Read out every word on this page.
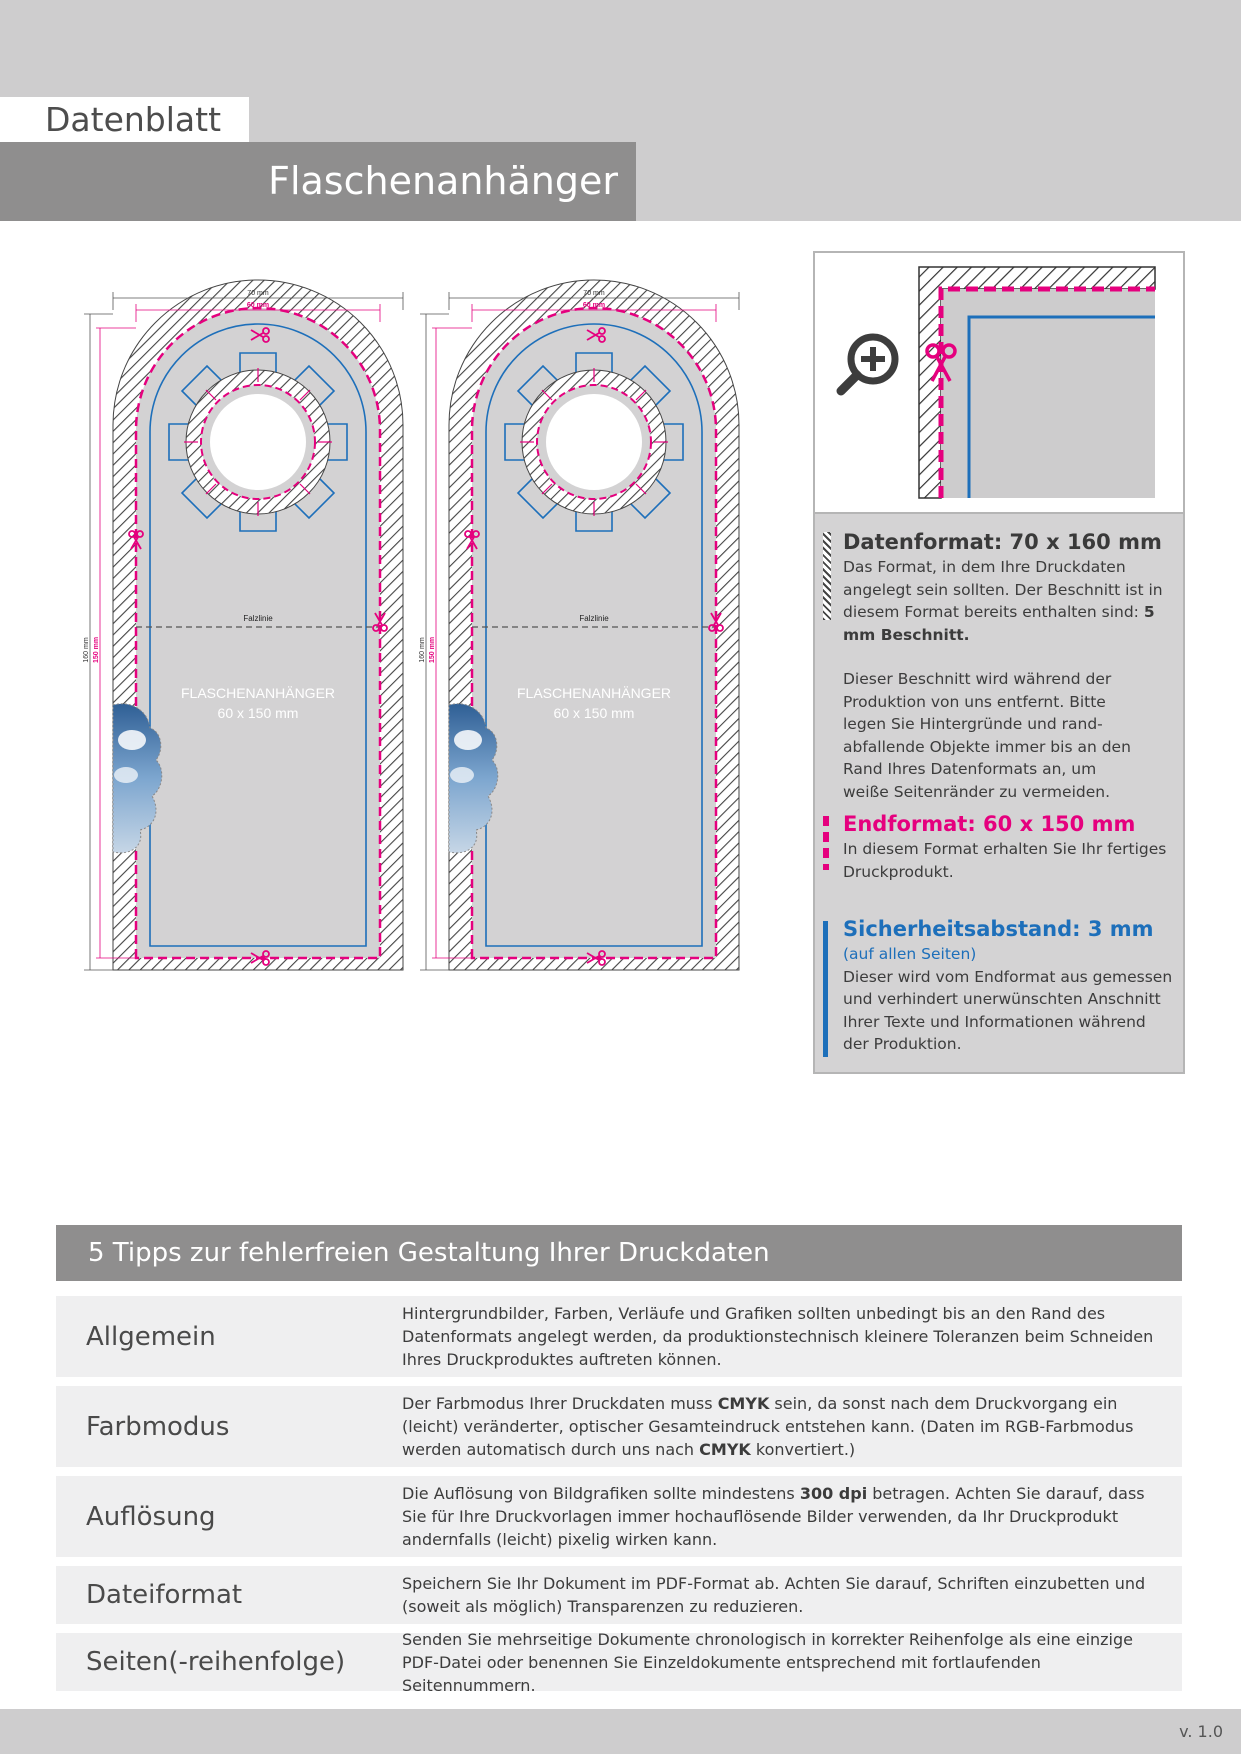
Datenblatt
Flaschenanhänger
70 mm
60 mm
160 mm 150 mm
Falzlinie
FLASCHENANHÄNGER
60 x 150 mm
70 mm
60 mm
160 mm 150 mm
Falzlinie
FLASCHENANHÄNGER
60 x 150 mm
Datenformat: 70 x 160 mm
Das Format, in dem Ihre Druckdaten angelegt sein sollten. Der Beschnitt ist in diesem Format bereits enthalten sind: 5 mm Beschnitt.
Dieser Beschnitt wird während der Produktion von uns entfernt. Bitte legen Sie Hintergründe und rand-abfallende Objekte immer bis an den Rand Ihres Datenformats an, um weiße Seitenränder zu vermeiden.
Endformat: 60 x 150 mm
In diesem Format erhalten Sie Ihr fertiges Druckprodukt.
Sicherheitsabstand: 3 mm
(auf allen Seiten)
Dieser wird vom Endformat aus gemessen und verhindert unerwünschten Anschnitt Ihrer Texte und Informationen während der Produktion.
5 Tipps zur fehlerfreien Gestaltung Ihrer Druckdaten
Allgemein
Hintergrundbilder, Farben, Verläufe und Grafiken sollten unbedingt bis an den Rand des Datenformats angelegt werden, da produktionstechnisch kleinere Toleranzen beim Schneiden Ihres Druckproduktes auftreten können.
Farbmodus
Der Farbmodus Ihrer Druckdaten muss CMYK sein, da sonst nach dem Druckvorgang ein (leicht) veränderter, optischer Gesamteindruck entstehen kann. (Daten im RGB-Farbmodus werden automatisch durch uns nach CMYK konvertiert.)
Auflösung
Die Auflösung von Bildgrafiken sollte mindestens 300 dpi betragen. Achten Sie darauf, dass Sie für Ihre Druckvorlagen immer hochauflösende Bilder verwenden, da Ihr Druckprodukt andernfalls (leicht) pixelig wirken kann.
Dateiformat	Speichern Sie Ihr Dokument im PDF-Format ab. Achten Sie darauf, Schriften einzubetten und (soweit als möglich) Transparenzen zu reduzieren.
Seiten(-reihenfolge)
Senden Sie mehrseitige Dokumente chronologisch in korrekter Reihenfolge als eine einzige PDF-Datei oder benennen Sie Einzeldokumente entsprechend mit fortlaufenden Seitennummern.
v. 1.0
